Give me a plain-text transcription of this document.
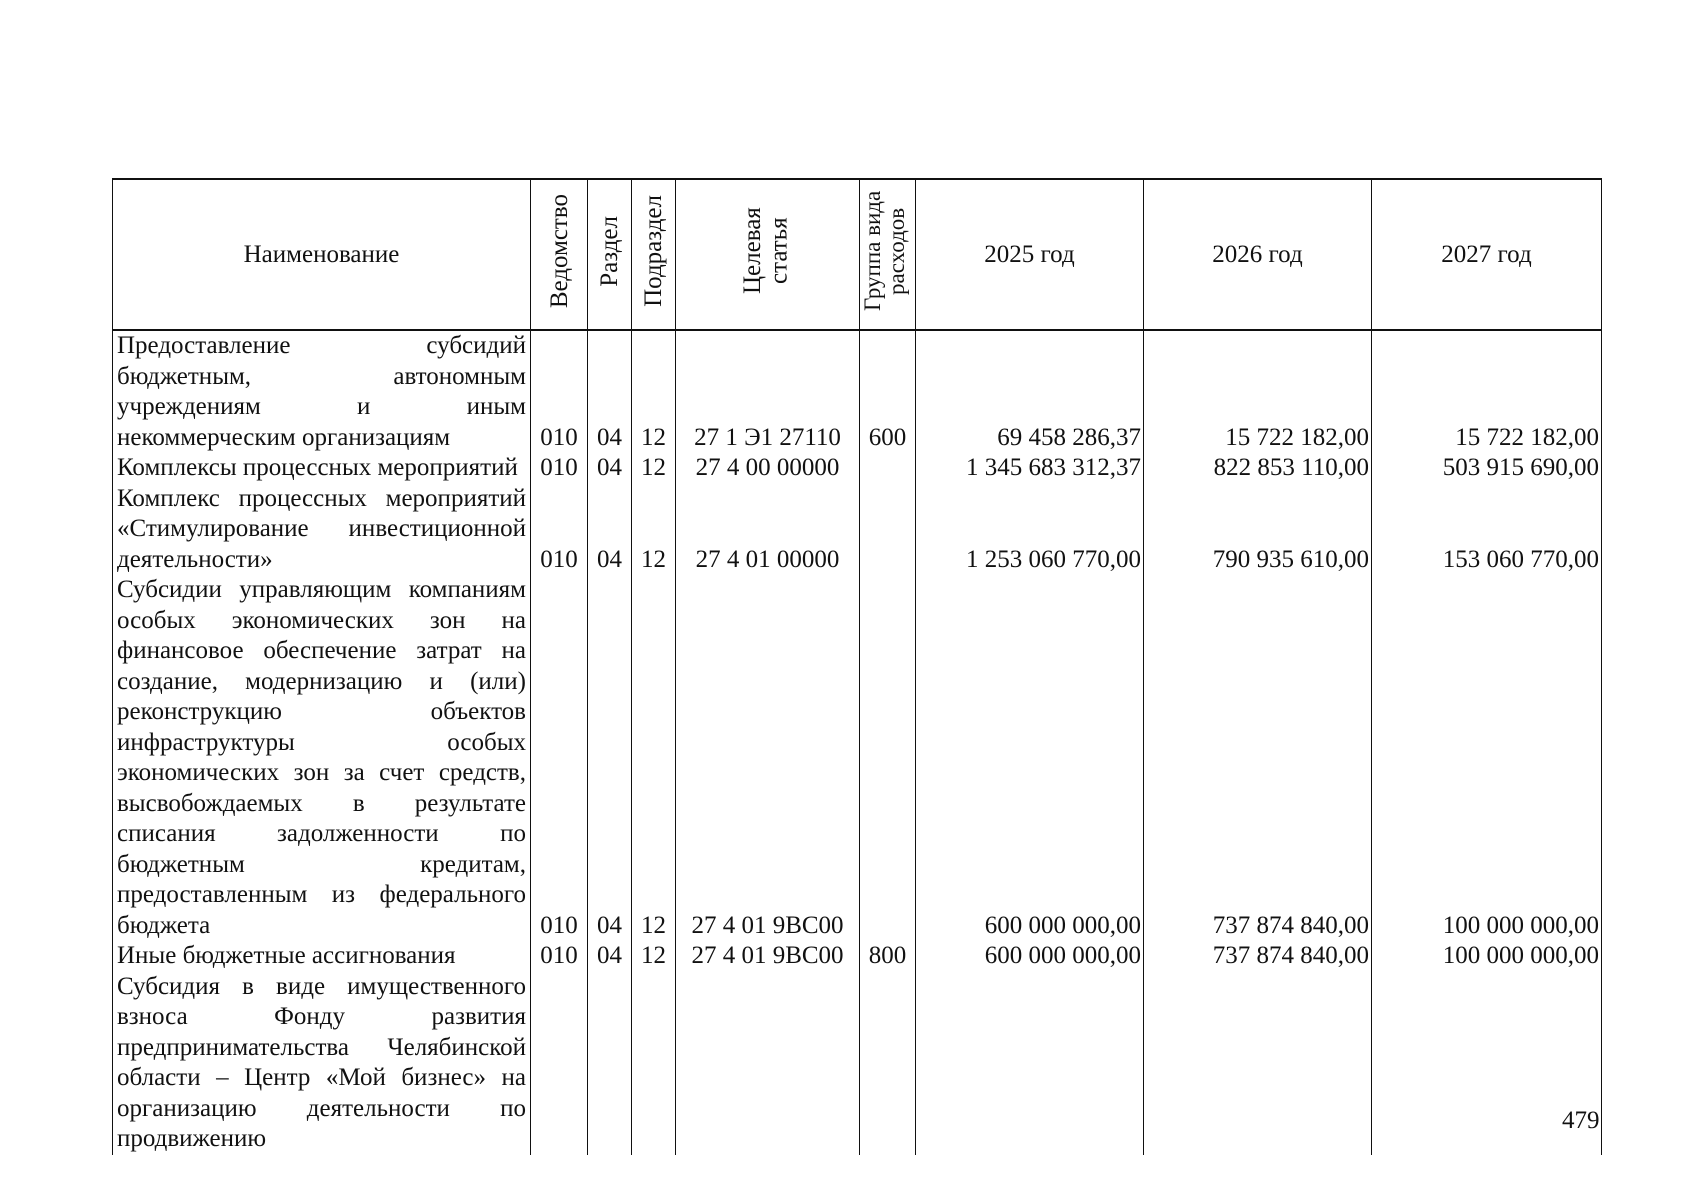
Наименование	Ведомство	Раздел	Подраздел	Целевая статья	Группа вида расходов	2025 год	2026 год	2027 год
Предоставление субсидий бюджетным, автономным учреждениям и иным некоммерческим организациям	010	04	12	27 1 Э1 27110	600	69 458 286,37	15 722 182,00	15 722 182,00
Комплексы процессных мероприятий	010	04	12	27 4 00 00000		1 345 683 312,37	822 853 110,00	503 915 690,00
Комплекс процессных мероприятий «Стимулирование инвестиционной деятельности»	010	04	12	27 4 01 00000		1 253 060 770,00	790 935 610,00	153 060 770,00
Субсидии управляющим компаниям особых экономических зон на финансовое обеспечение затрат на создание, модернизацию и (или) реконструкцию объектов инфраструктуры особых экономических зон за счет средств, высвобождаемых в результате списания задолженности по бюджетным кредитам, предоставленным из федерального бюджета	010	04	12	27 4 01 9ВС00		600 000 000,00	737 874 840,00	100 000 000,00
Иные бюджетные ассигнования	010	04	12	27 4 01 9ВС00	800	600 000 000,00	737 874 840,00	100 000 000,00
Субсидия в виде имущественного взноса Фонду развития предпринимательства Челябинской области – Центр «Мой бизнес» на организацию деятельности по продвижению								
479
